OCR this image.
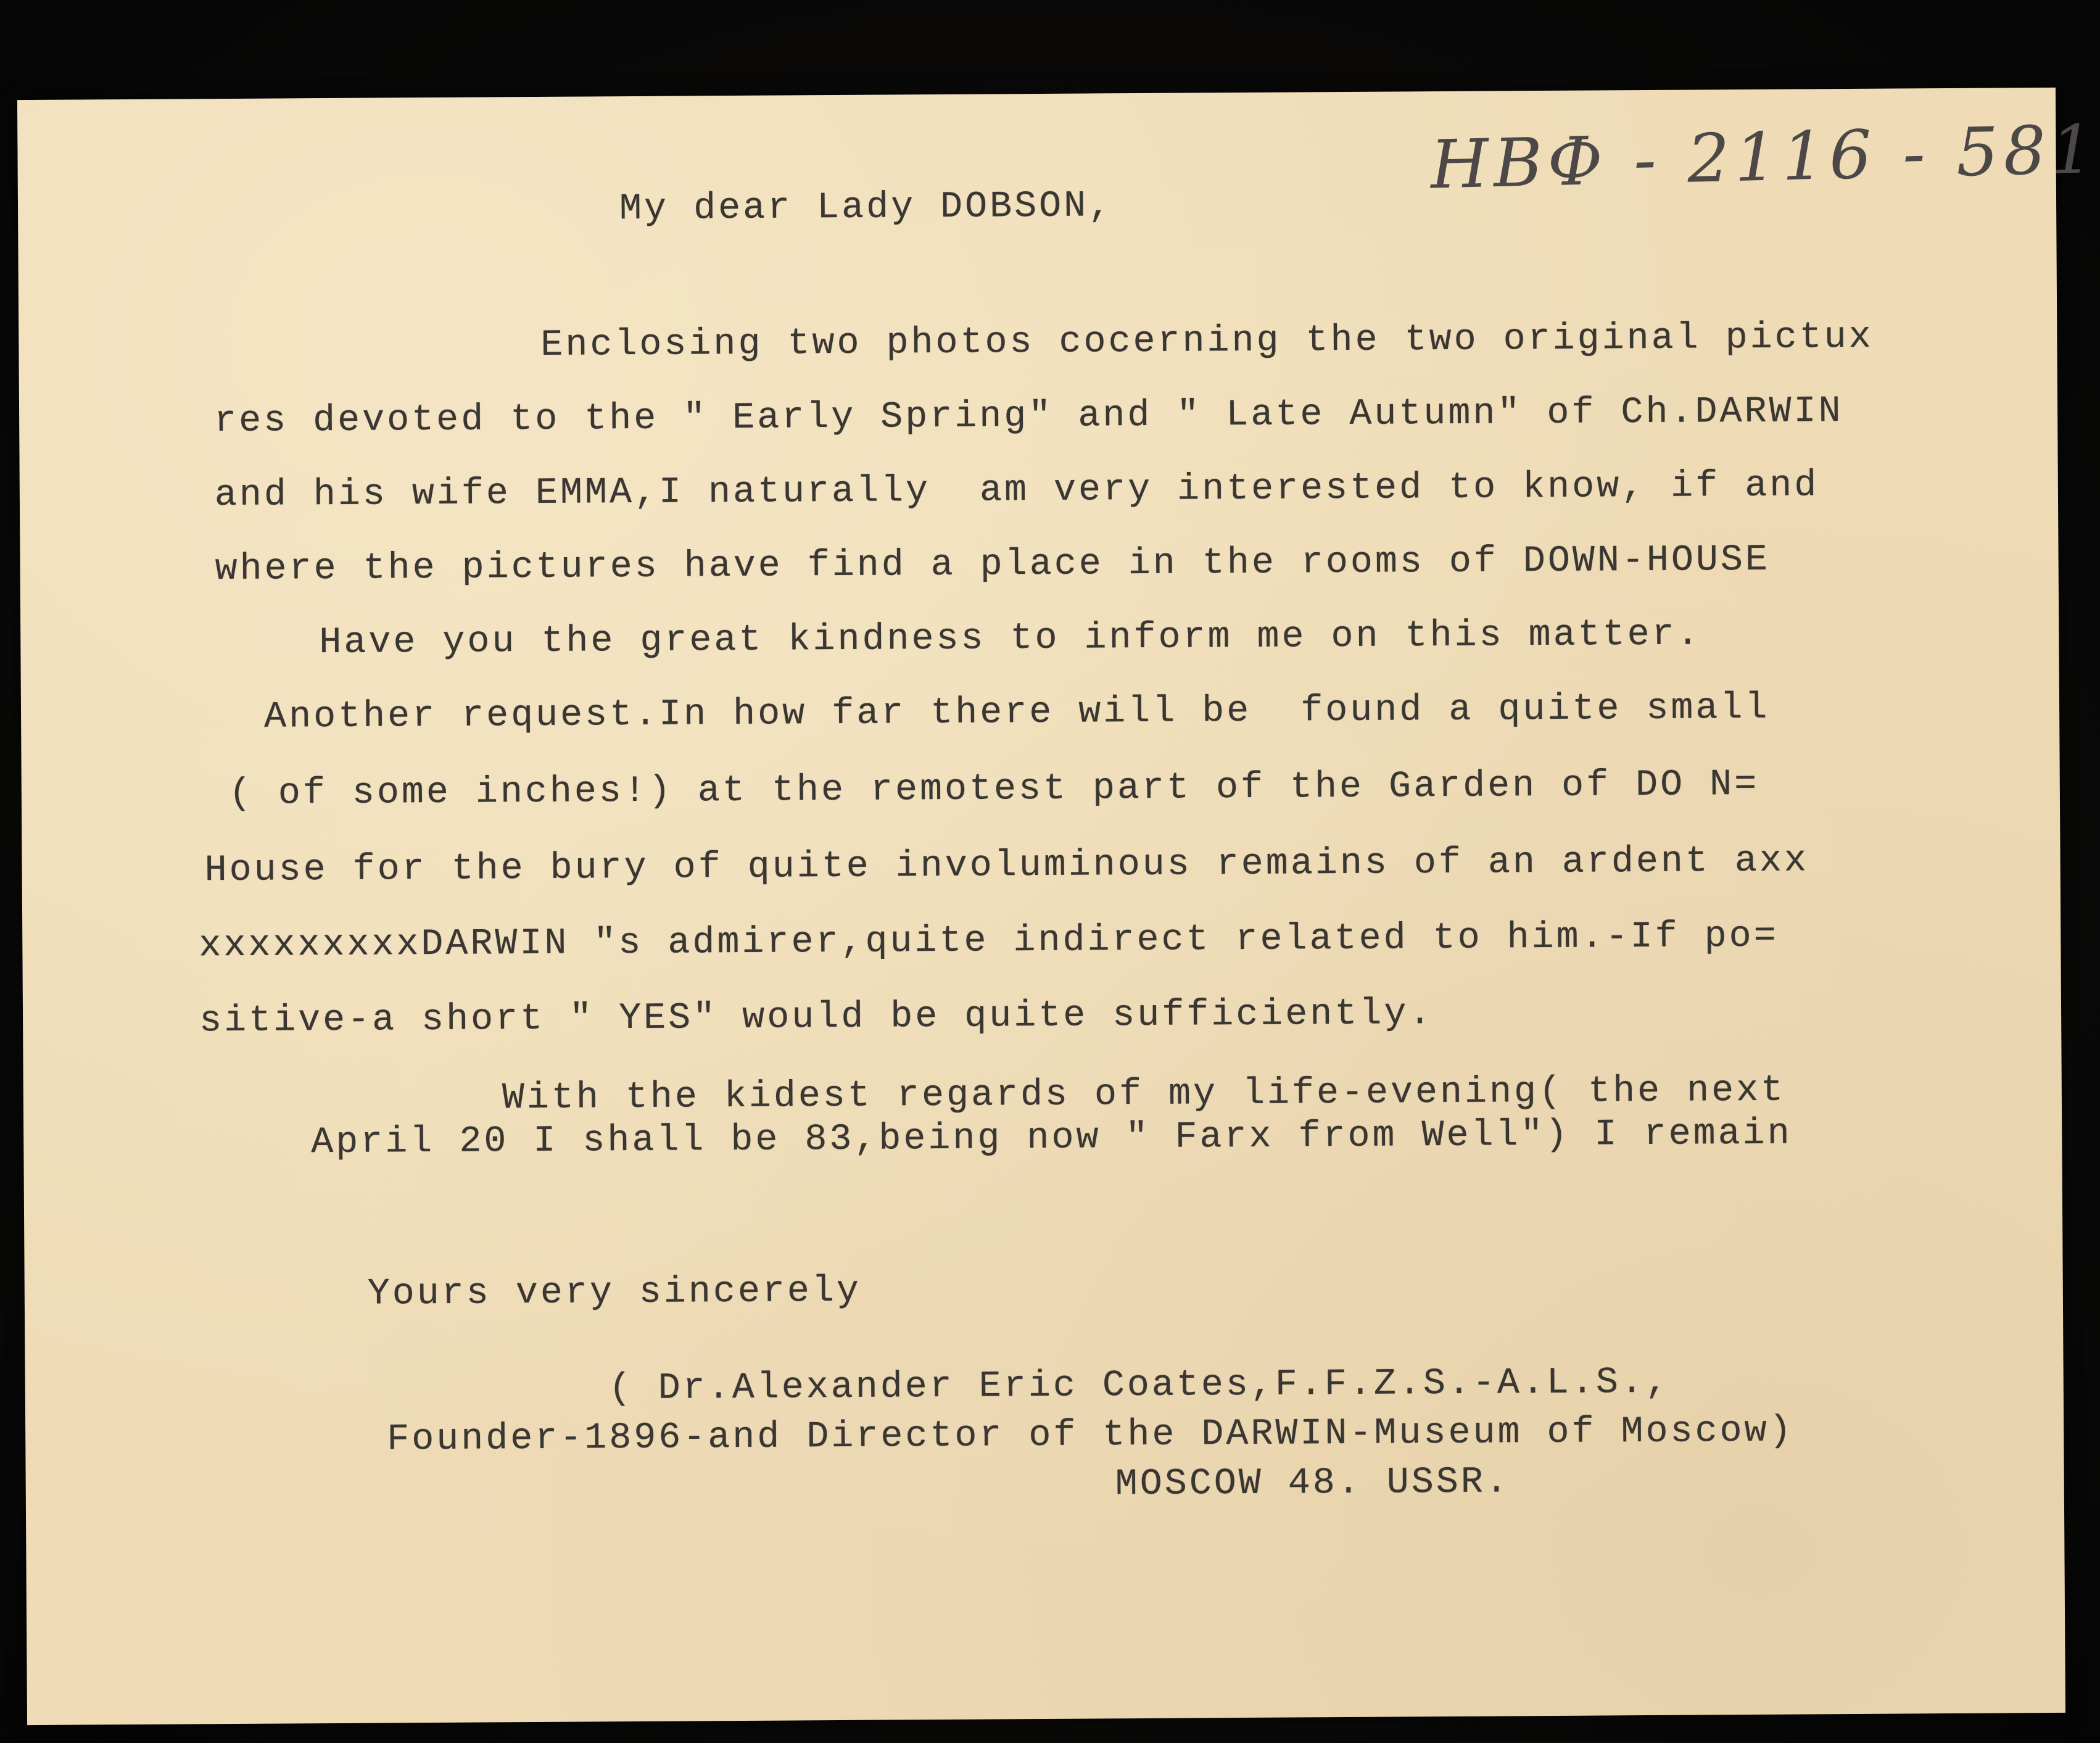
НВФ - 2116 - 581
My dear Lady DOBSON,
Enclosing two photos cocerning the two original pictux
res devoted to the " Early Spring" and " Late Autumn" of Ch.DARWIN
and his wife EMMA,I naturally  am very interested to know, if and
where the pictures have find a place in the rooms of DOWN-HOUSE
Have you the great kindness to inform me on this matter.
Another request.In how far there will be  found a quite small
( of some inches!) at the remotest part of the Garden of DO N=
House for the bury of quite involuminous remains of an ardent axx
xxxxxxxxxDARWIN "s admirer,quite indirect related to him.-If po=
sitive-a short " YES" would be quite sufficiently.
With the kidest regards of my life-evening( the next
April 20 I shall be 83,being now " Farx from Well") I remain
Yours very sincerely
( Dr.Alexander Eric Coates,F.F.Z.S.-A.L.S.,
Founder-1896-and Director of the DARWIN-Museum of Moscow)
MOSCOW 48. USSR.
